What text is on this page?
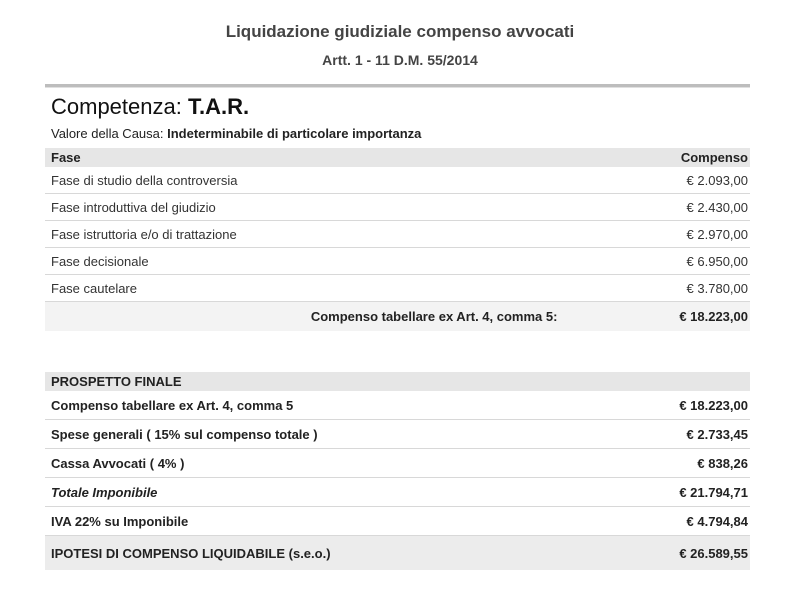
Liquidazione giudiziale compenso avvocati
Artt. 1 - 11 D.M. 55/2014
Competenza: T.A.R.
Valore della Causa: Indeterminabile di particolare importanza
Fase	Compenso
Fase di studio della controversia	€ 2.093,00
Fase introduttiva del giudizio	€ 2.430,00
Fase istruttoria e/o di trattazione	€ 2.970,00
Fase decisionale	€ 6.950,00
Fase cautelare	€ 3.780,00
Compenso tabellare ex Art. 4, comma 5:	€ 18.223,00
PROSPETTO FINALE	
Compenso tabellare ex Art. 4, comma 5	€ 18.223,00
Spese generali ( 15% sul compenso totale )	€ 2.733,45
Cassa Avvocati ( 4% )	€ 838,26
Totale Imponibile	€ 21.794,71
IVA 22% su Imponibile	€ 4.794,84
IPOTESI DI COMPENSO LIQUIDABILE (s.e.o.)	€ 26.589,55
